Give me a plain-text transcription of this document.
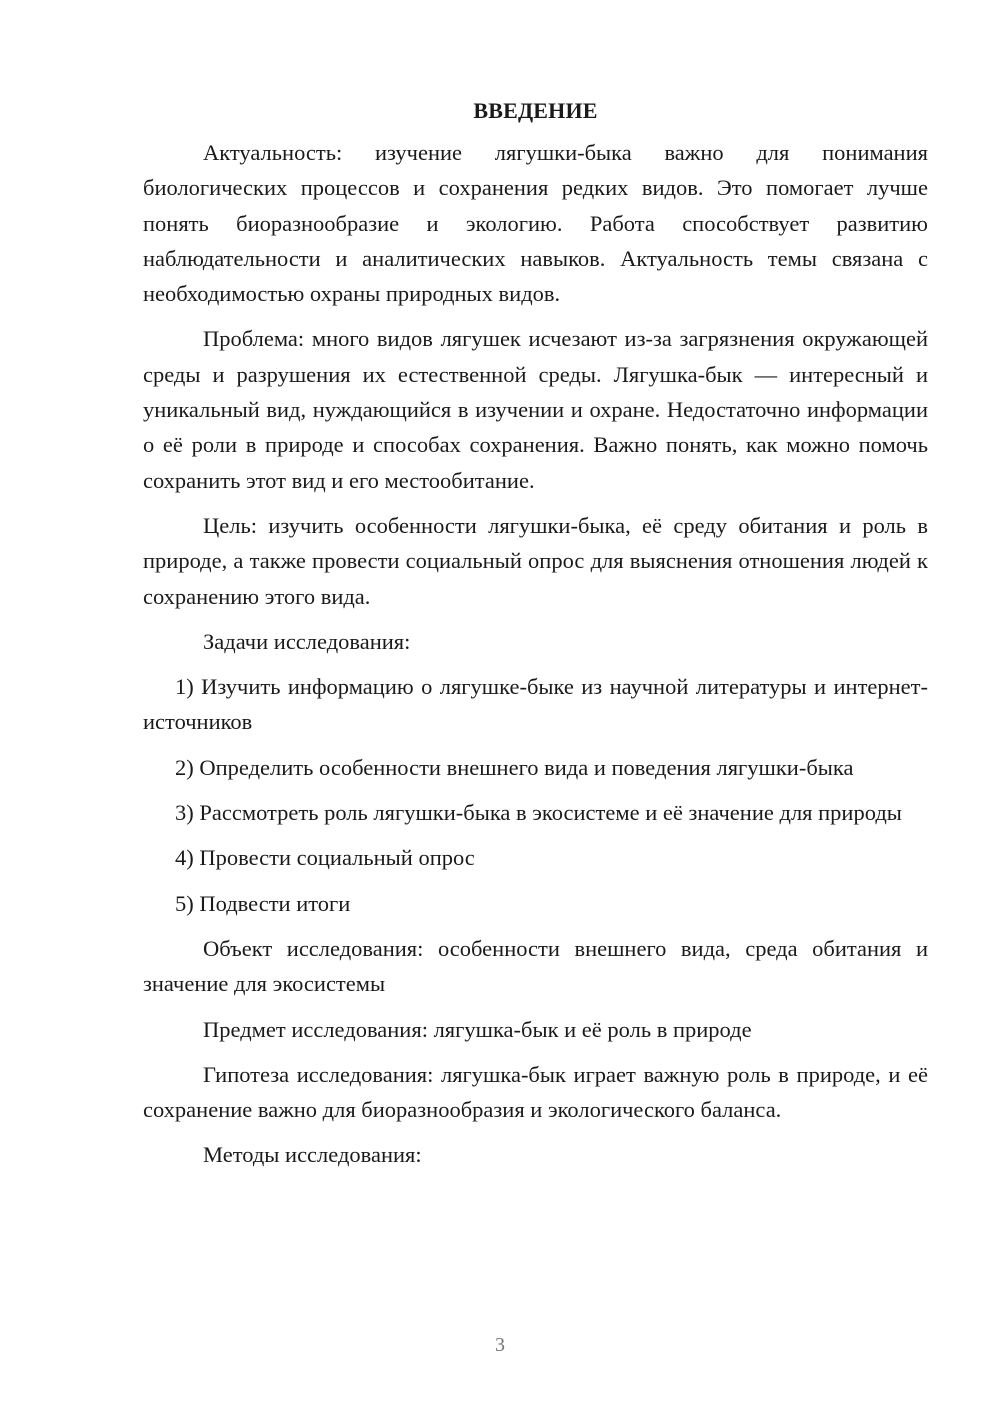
ВВЕДЕНИЕ

Актуальность: изучение лягушки-быка важно для понимания биологических процессов и сохранения редких видов. Это помогает лучше понять биоразнообразие и экологию. Работа способствует развитию наблюдательности и аналитических навыков. Актуальность темы связана с необходимостью охраны природных видов.

Проблема: много видов лягушек исчезают из-за загрязнения окружающей среды и разрушения их естественной среды. Лягушка-бык — интересный и уникальный вид, нуждающийся в изучении и охране. Недостаточно информации о её роли в природе и способах сохранения. Важно понять, как можно помочь сохранить этот вид и его местообитание.

Цель: изучить особенности лягушки-быка, её среду обитания и роль в природе, а также провести социальный опрос для выяснения отношения людей к сохранению этого вида.

Задачи исследования:

1) Изучить информацию о лягушке-быке из научной литературы и интернет-источников

2) Определить особенности внешнего вида и поведения лягушки-быка

3) Рассмотреть роль лягушки-быка в экосистеме и её значение для природы

4) Провести социальный опрос

5) Подвести итоги

Объект исследования: особенности внешнего вида, среда обитания и значение для экосистемы

Предмет исследования: лягушка-бык и её роль в природе

Гипотеза исследования: лягушка-бык играет важную роль в природе, и её сохранение важно для биоразнообразия и экологического баланса.

Методы исследования:

3
